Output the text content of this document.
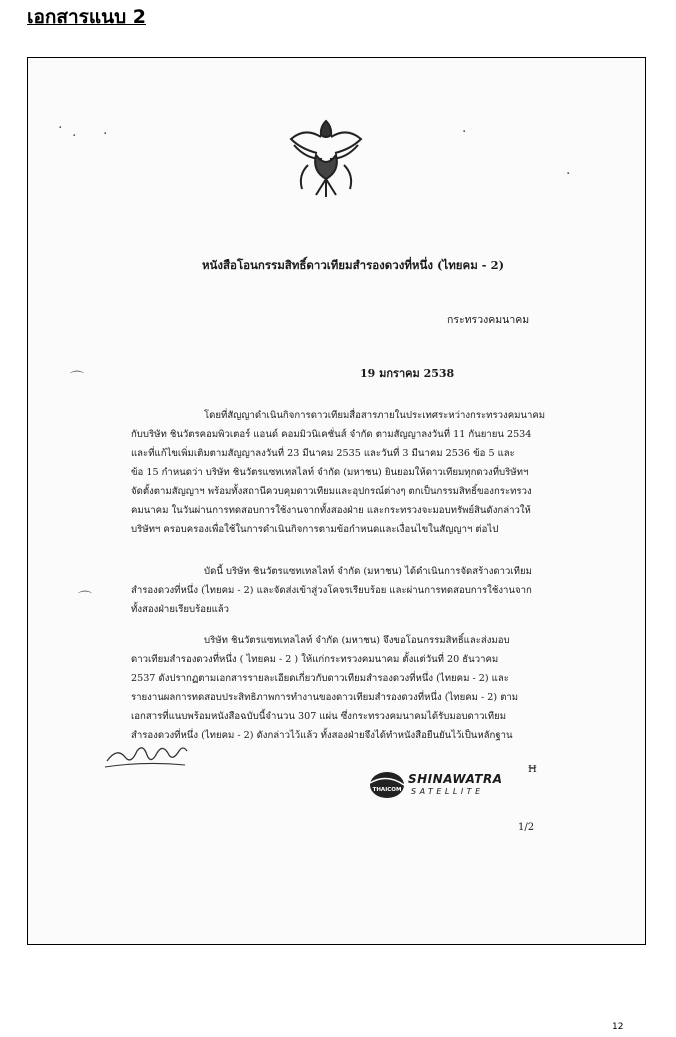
เอกสารแนบ 2
· · ·	·
·
⌒
⌒
หนังสือโอนกรรมสิทธิ์ดาวเทียมสำรองดวงที่หนึ่ง (ไทยคม - 2)
กระทรวงคมนาคม
19 มกราคม 2538
โดยที่สัญญาดำเนินกิจการดาวเทียมสื่อสารภายในประเทศระหว่างกระทรวงคมนาคม
กับบริษัท ชินวัตรคอมพิวเตอร์ แอนด์ คอมมิวนิเคชั่นส์ จำกัด ตามสัญญาลงวันที่ 11 กันยายน 2534
และที่แก้ไขเพิ่มเติมตามสัญญาลงวันที่ 23 มีนาคม 2535 และวันที่ 3 มีนาคม 2536 ข้อ 5 และ
ข้อ 15 กำหนดว่า บริษัท ชินวัตรแซทเทลไลท์ จำกัด (มหาชน) ยินยอมให้ดาวเทียมทุกดวงที่บริษัทฯ
จัดตั้งตามสัญญาฯ พร้อมทั้งสถานีควบคุมดาวเทียมและอุปกรณ์ต่างๆ ตกเป็นกรรมสิทธิ์ของกระทรวง
คมนาคม ในวันผ่านการทดสอบการใช้งานจากทั้งสองฝ่าย และกระทรวงจะมอบทรัพย์สินดังกล่าวให้
บริษัทฯ ครอบครองเพื่อใช้ในการดำเนินกิจการตามข้อกำหนดและเงื่อนไขในสัญญาฯ ต่อไป
บัดนี้ บริษัท ชินวัตรแซทเทลไลท์ จำกัด (มหาชน) ได้ดำเนินการจัดสร้างดาวเทียม
สำรองดวงที่หนึ่ง (ไทยคม - 2) และจัดส่งเข้าสู่วงโคจรเรียบร้อย และผ่านการทดสอบการใช้งานจาก
ทั้งสองฝ่ายเรียบร้อยแล้ว
บริษัท ชินวัตรแซทเทลไลท์ จำกัด (มหาชน) จึงขอโอนกรรมสิทธิ์และส่งมอบ
ดาวเทียมสำรองดวงที่หนึ่ง ( ไทยคม - 2 ) ให้แก่กระทรวงคมนาคม ตั้งแต่วันที่ 20 ธันวาคม
2537 ดังปรากฏตามเอกสารรายละเอียดเกี่ยวกับดาวเทียมสำรองดวงที่หนึ่ง (ไทยคม - 2) และ
รายงานผลการทดสอบประสิทธิภาพการทำงานของดาวเทียมสำรองดวงที่หนึ่ง (ไทยคม - 2) ตาม
เอกสารที่แนบพร้อมหนังสือฉบับนี้จำนวน 307 แผ่น ซึ่งกระทรวงคมนาคมได้รับมอบดาวเทียม
สำรองดวงที่หนึ่ง (ไทยคม - 2) ดังกล่าวไว้แล้ว ทั้งสองฝ่ายจึงได้ทำหนังสือยืนยันไว้เป็นหลักฐาน
ꟸ
THAICOM
SHINAWATRA
SATELLITE
1/2
12
